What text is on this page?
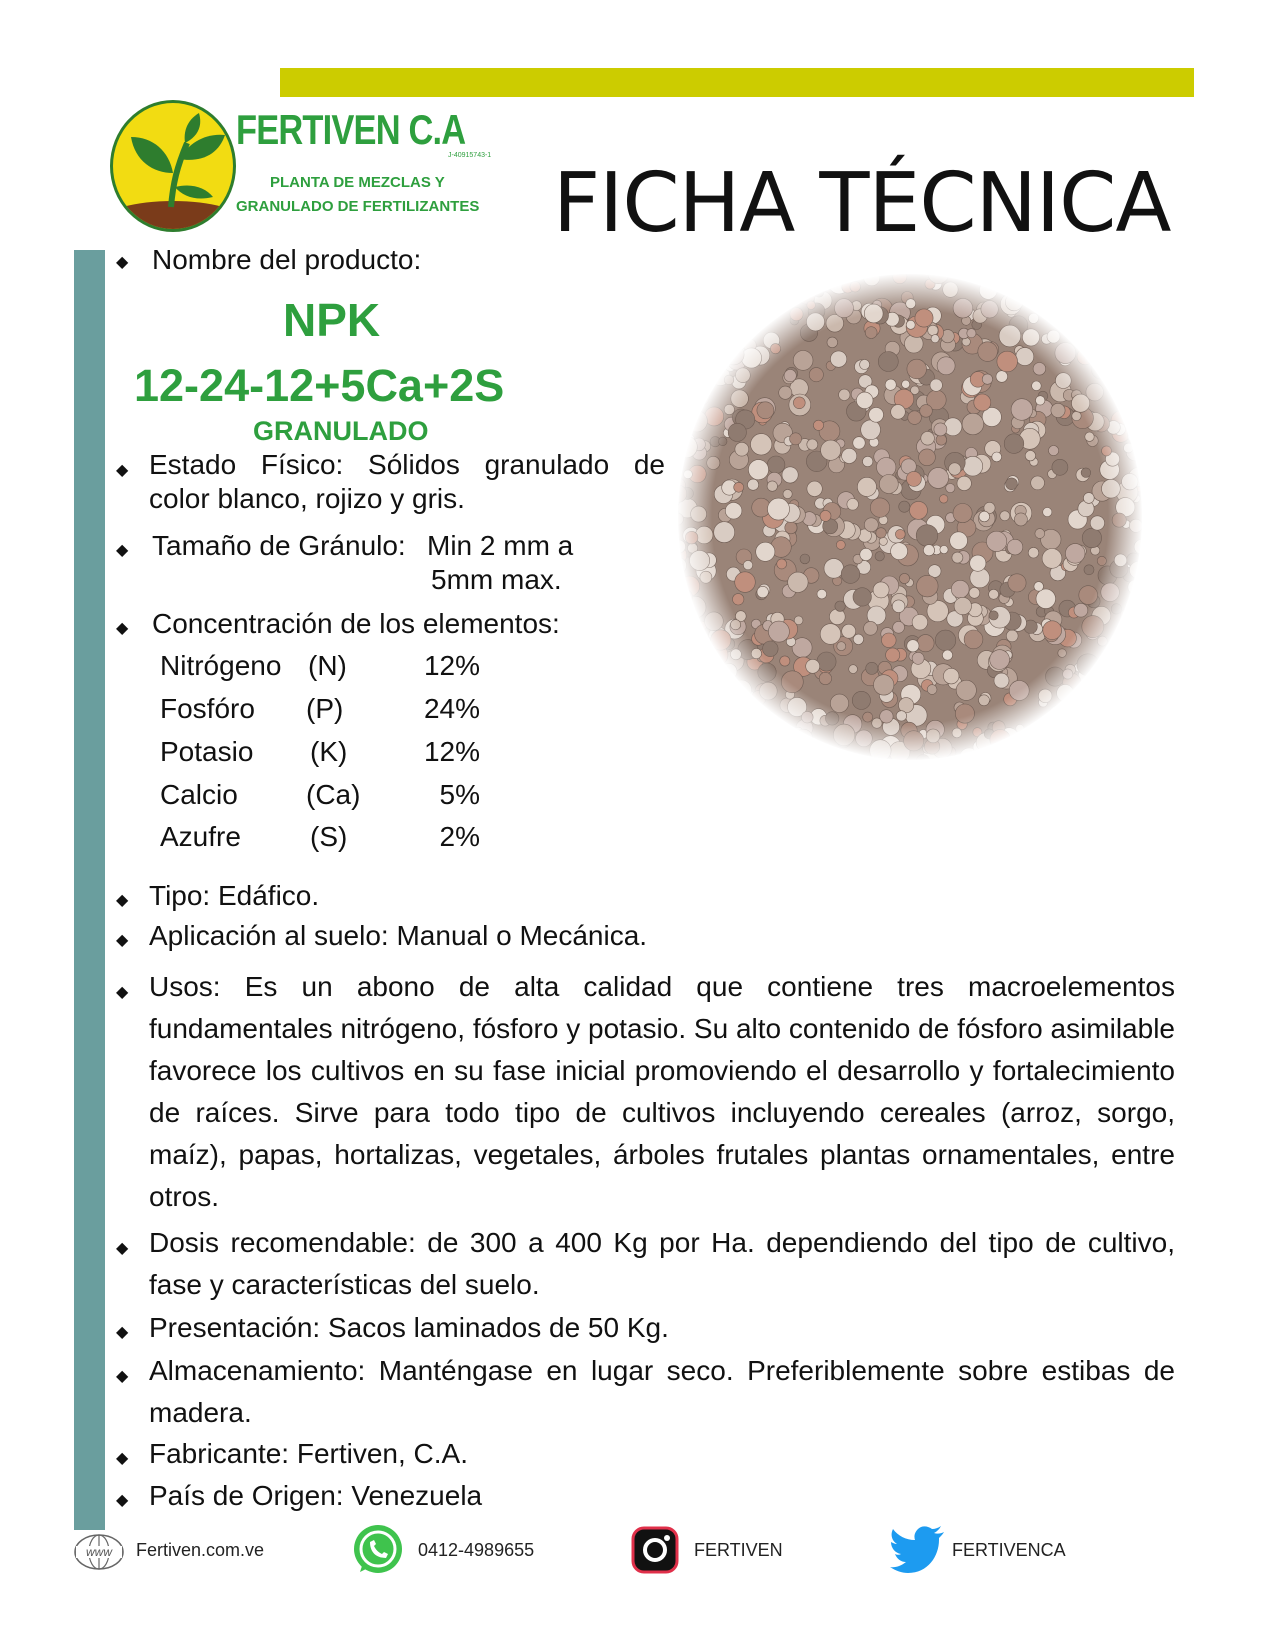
FERTIVEN C.A
J-40915743-1
PLANTA DE MEZCLAS Y
GRANULADO DE FERTILIZANTES FICHA TÉCNICA
◆ Nombre del producto:
NPK
12-24-12+5Ca+2S
GRANULADO
◆ Estado Físico: Sólidos granulado de color blanco, rojizo y gris.
◆ Tamaño de Gránulo: Min 2 mm a
5mm max.
◆ Concentración de los elementos:
Nitrógeno (N)	12%
Fosfóro (P)	24%
Potasio (K)	12%
Calcio (Ca)	5%
Azufre (S)	2%
◆ Tipo: Edáfico.
◆ Aplicación al suelo: Manual o Mecánica.
◆ Usos: Es un abono de alta calidad que contiene tres macroelementos fundamentales nitrógeno, fósforo y potasio. Su alto contenido de fósforo asimilable favorece los cultivos en su fase inicial promoviendo el desarrollo y fortalecimiento de raíces. Sirve para todo tipo de cultivos incluyendo cereales (arroz, sorgo, maíz), papas, hortalizas, vegetales, árboles frutales plantas ornamentales, entre otros.
◆ Dosis recomendable: de 300 a 400 Kg por Ha. dependiendo del tipo de cultivo, fase y características del suelo.
◆ Presentación: Sacos laminados de 50 Kg.
◆ Almacenamiento: Manténgase en lugar seco. Preferiblemente sobre estibas de madera.
◆ Fabricante: Fertiven, C.A.
◆ País de Origen: Venezuela
www Fertiven.com.ve	0412-4989655	FERTIVEN	FERTIVENCA
